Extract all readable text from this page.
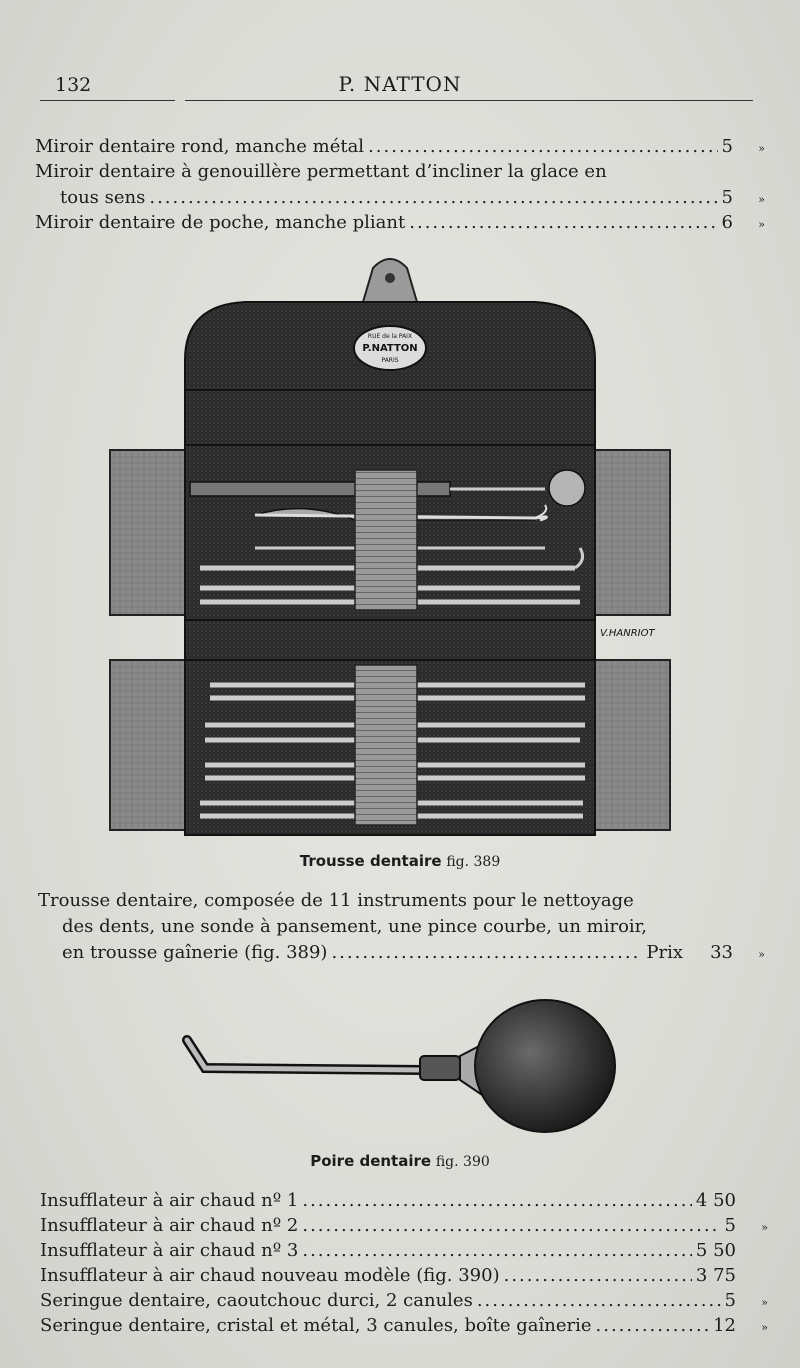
132	P. NATTON
Miroir dentaire rond, manche métal .....	5	»
Miroir dentaire à genouillère permettant d’incliner la glace en
tous sens .....	5	»
Miroir dentaire de poche, manche pliant .....	6	»
RUE de la PAIX
P.NATTON
PARIS
V.HANRIOT
Trousse dentaire fig. 389
Trousse dentaire, composée de 11 instruments pour le nettoyage
des dents, une sonde à pansement, une pince courbe, un miroir,
en trousse gaînerie (fig. 389) .....	Prix	33	»
Poire dentaire fig. 390
Insufflateur à air chaud nº 1 .....	4 50
Insufflateur à air chaud nº 2 .....	5	»
Insufflateur à air chaud nº 3 .....	5 50
Insufflateur à air chaud nouveau modèle (fig. 390) .....	3 75
Seringue dentaire, caoutchouc durci, 2 canules .....	5	»
Seringue dentaire, cristal et métal, 3 canules, boîte gaînerie .....	12	»
